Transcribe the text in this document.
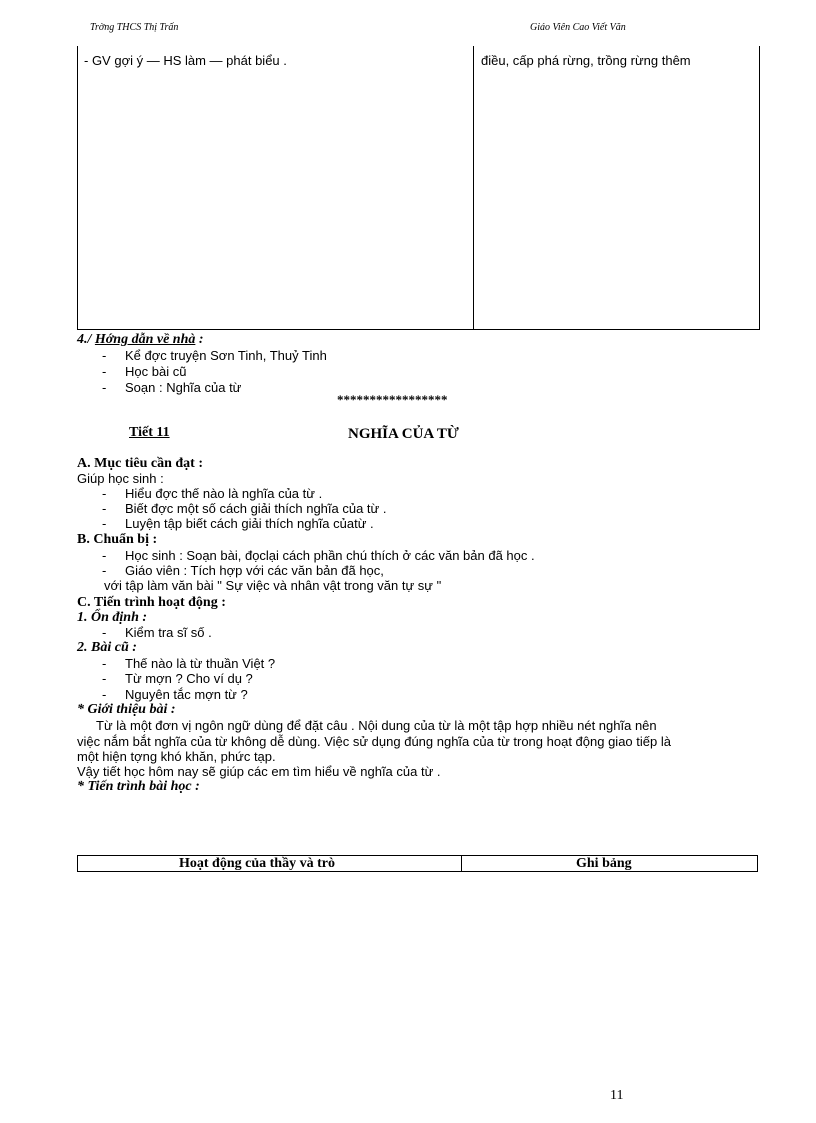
Trờng THCS Thị Trấn	Giáo Viên Cao Viết Văn
- GV gợi ý — HS làm — phát biểu .	điều, cấp phá rừng, trồng rừng thêm
4./ Hớng dẫn về nhà :
- Kể đợc truyện Sơn Tinh, Thuỷ Tinh
- Học bài cũ
- Soạn : Nghĩa của từ
*****************
Tiết 11	NGHĨA CỦA TỪ
A. Mục tiêu cần đạt :
Giúp học sinh :
- Hiểu đợc thế nào là nghĩa của từ .
- Biết đợc một số cách giải thích nghĩa của từ .
- Luyện tập biết cách giải thích nghĩa củatừ .
B. Chuẩn bị :
- Học sinh : Soạn bài, đọclại cách phần chú thích ở các văn bản đã học .
- Giáo viên : Tích hợp với các văn bản đã học,
với tập làm văn bài " Sự việc và nhân vật trong văn tự sự "
C. Tiến trình hoạt động :
1. Ổn định :
- Kiểm tra sĩ số .
2. Bài cũ :
- Thế nào là từ thuần Việt ?
- Từ mợn ? Cho ví dụ ?
- Nguyên tắc mợn từ ?
* Giới thiệu bài :
Từ là một đơn vị ngôn ngữ dùng để đặt câu . Nội dung của từ là một tập hợp nhiều nét nghĩa nên
việc nắm bắt nghĩa của từ không dễ dùng. Việc sử dụng đúng nghĩa của từ trong hoạt động giao tiếp là
một hiện tợng khó khăn, phức tạp.
Vậy tiết học hôm nay sẽ giúp các em tìm hiểu về nghĩa của từ .
* Tiến trình bài học :
Hoạt động của thầy và trò	Ghi bảng
11
